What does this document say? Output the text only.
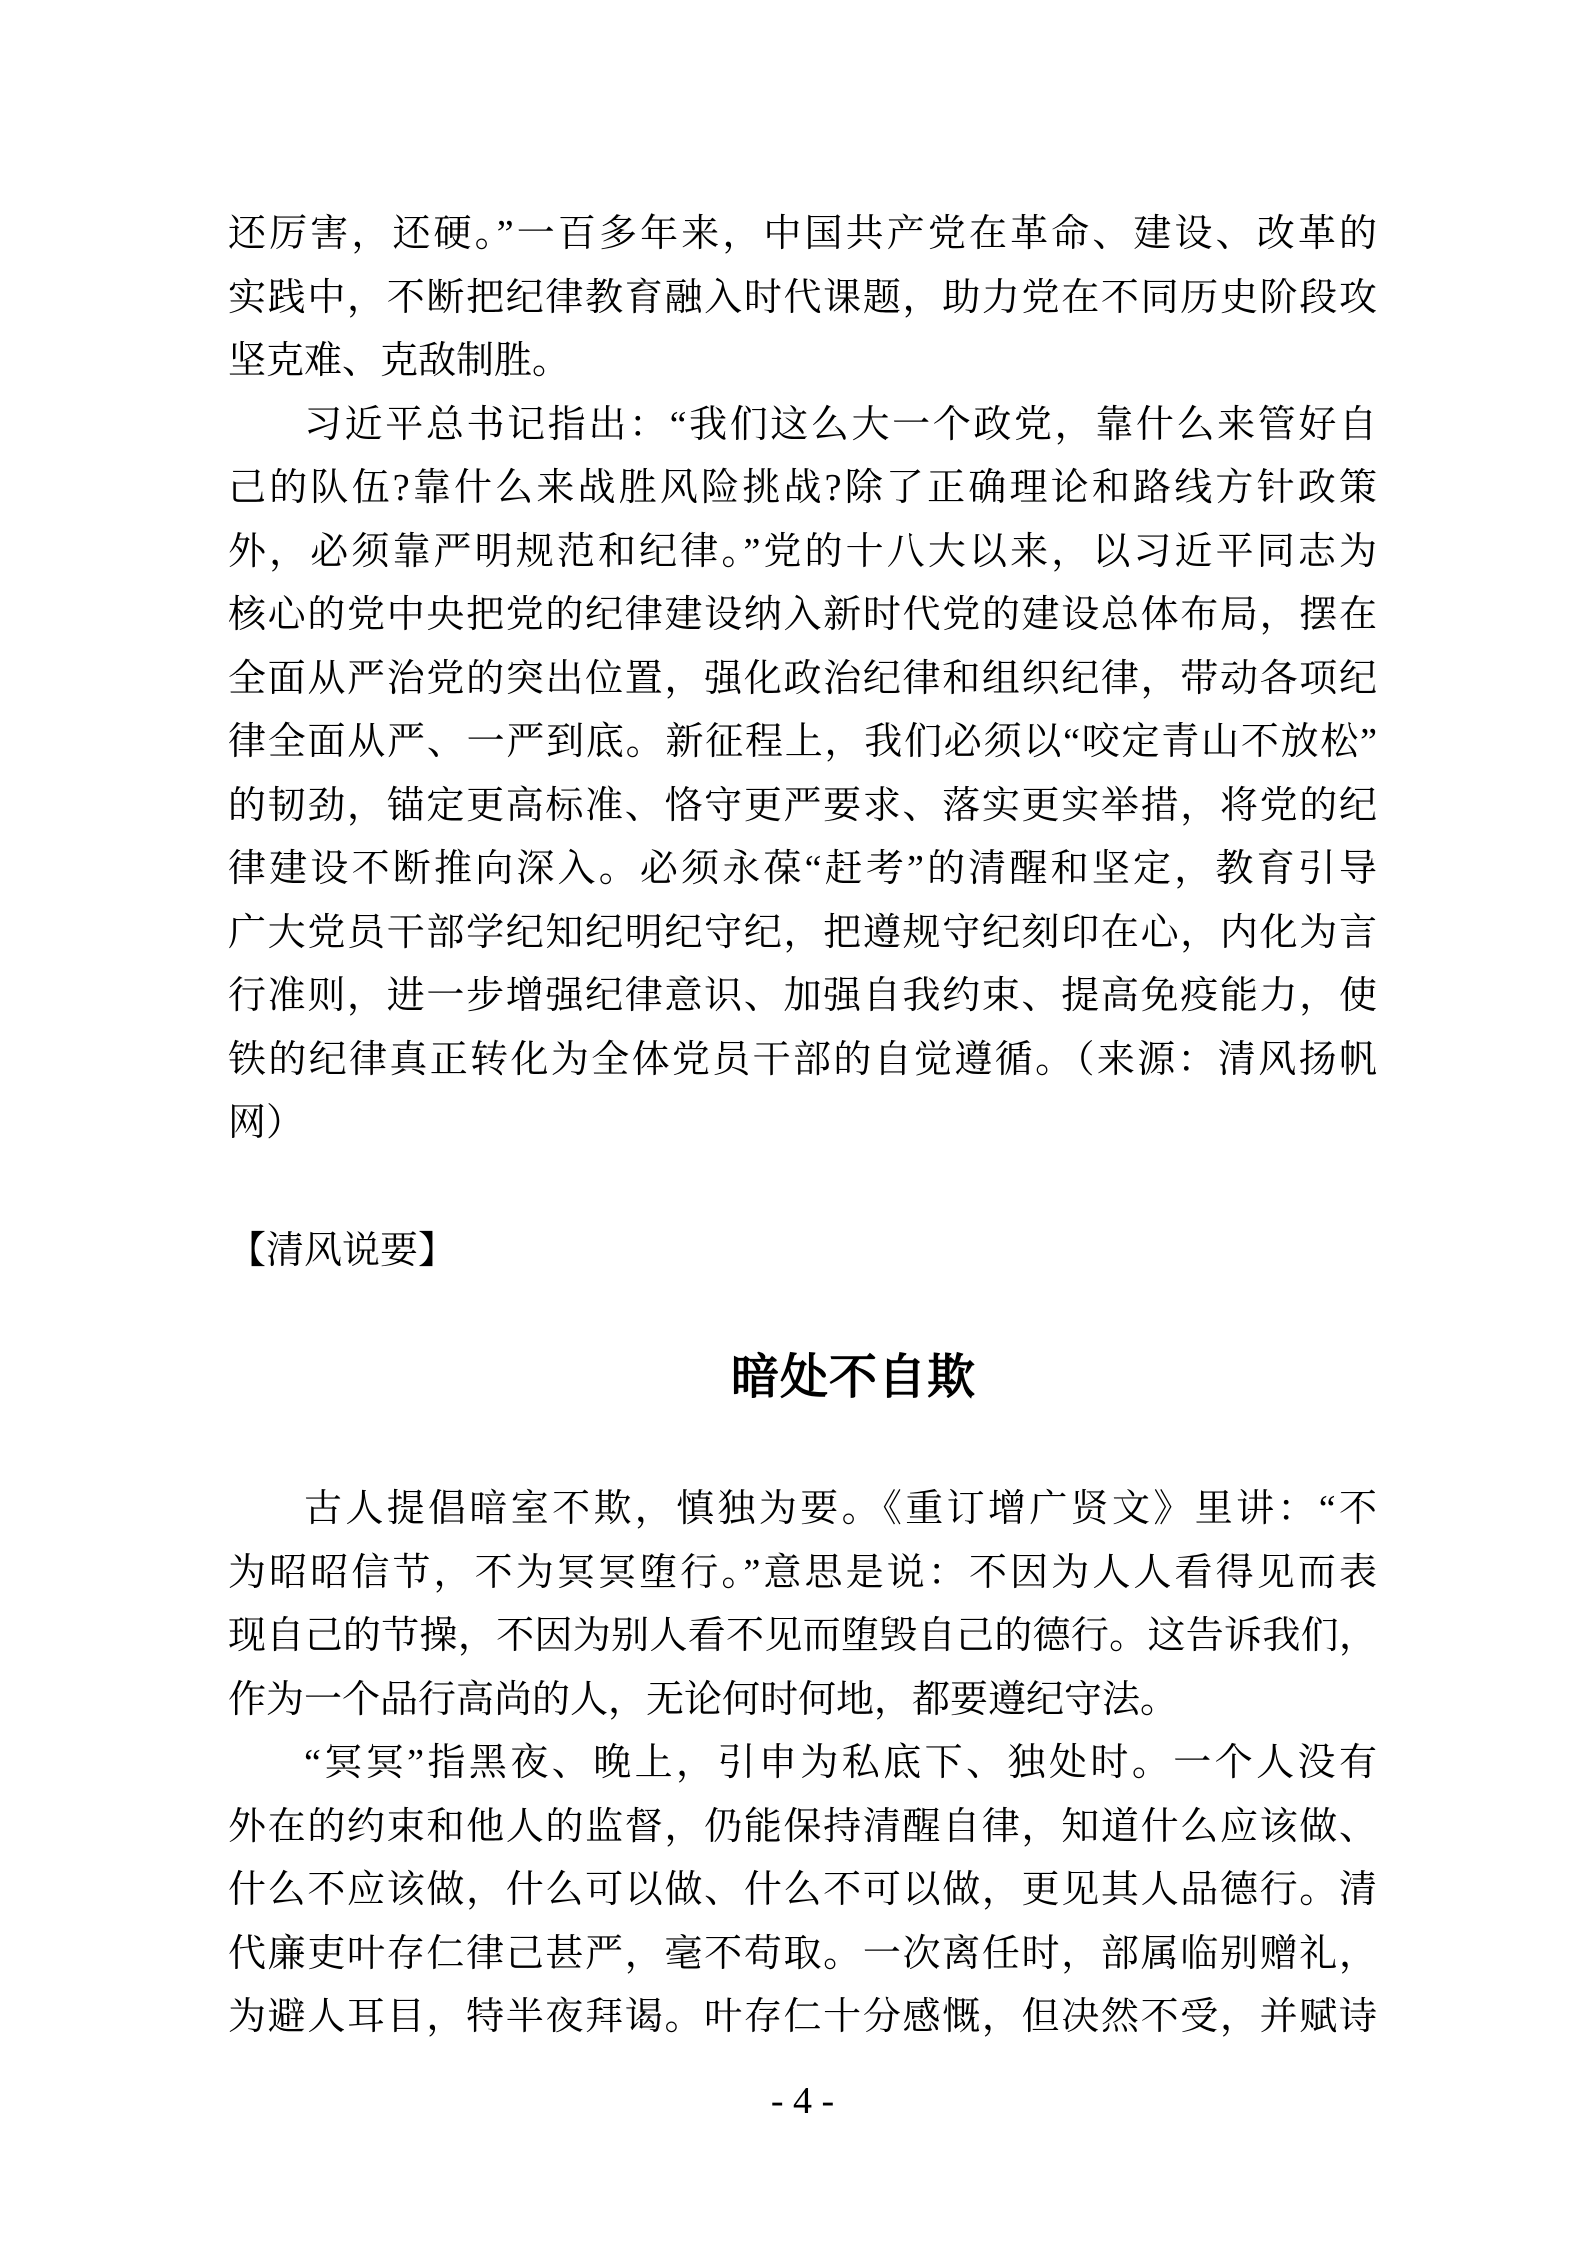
还厉害，还硬。”一百多年来，中国共产党在革命、建设、改革的
实践中，不断把纪律教育融入时代课题，助力党在不同历史阶段攻
坚克难、克敌制胜。
习近平总书记指出：“我们这么大一个政党，靠什么来管好自
己的队伍?靠什么来战胜风险挑战?除了正确理论和路线方针政策
外，必须靠严明规范和纪律。”党的十八大以来，以习近平同志为
核心的党中央把党的纪律建设纳入新时代党的建设总体布局，摆在
全面从严治党的突出位置，强化政治纪律和组织纪律，带动各项纪
律全面从严、一严到底。新征程上，我们必须以“咬定青山不放松”
的韧劲，锚定更高标准、恪守更严要求、落实更实举措，将党的纪
律建设不断推向深入。必须永葆“赶考”的清醒和坚定，教育引导
广大党员干部学纪知纪明纪守纪，把遵规守纪刻印在心，内化为言
行准则，进一步增强纪律意识、加强自我约束、提高免疫能力，使
铁的纪律真正转化为全体党员干部的自觉遵循。（来源：清风扬帆
网）
【清风说要】
暗处不自欺
古人提倡暗室不欺，慎独为要。《重订增广贤文》里讲：“不
为昭昭信节，不为冥冥堕行。”意思是说：不因为人人看得见而表
现自己的节操，不因为别人看不见而堕毁自己的德行。这告诉我们，
作为一个品行高尚的人，无论何时何地，都要遵纪守法。
“冥冥”指黑夜、晚上，引申为私底下、独处时。一个人没有
外在的约束和他人的监督，仍能保持清醒自律，知道什么应该做、
什么不应该做，什么可以做、什么不可以做，更见其人品德行。清
代廉吏叶存仁律己甚严，毫不苟取。一次离任时，部属临别赠礼，
为避人耳目，特半夜拜谒。叶存仁十分感慨，但决然不受，并赋诗
- 4 -
